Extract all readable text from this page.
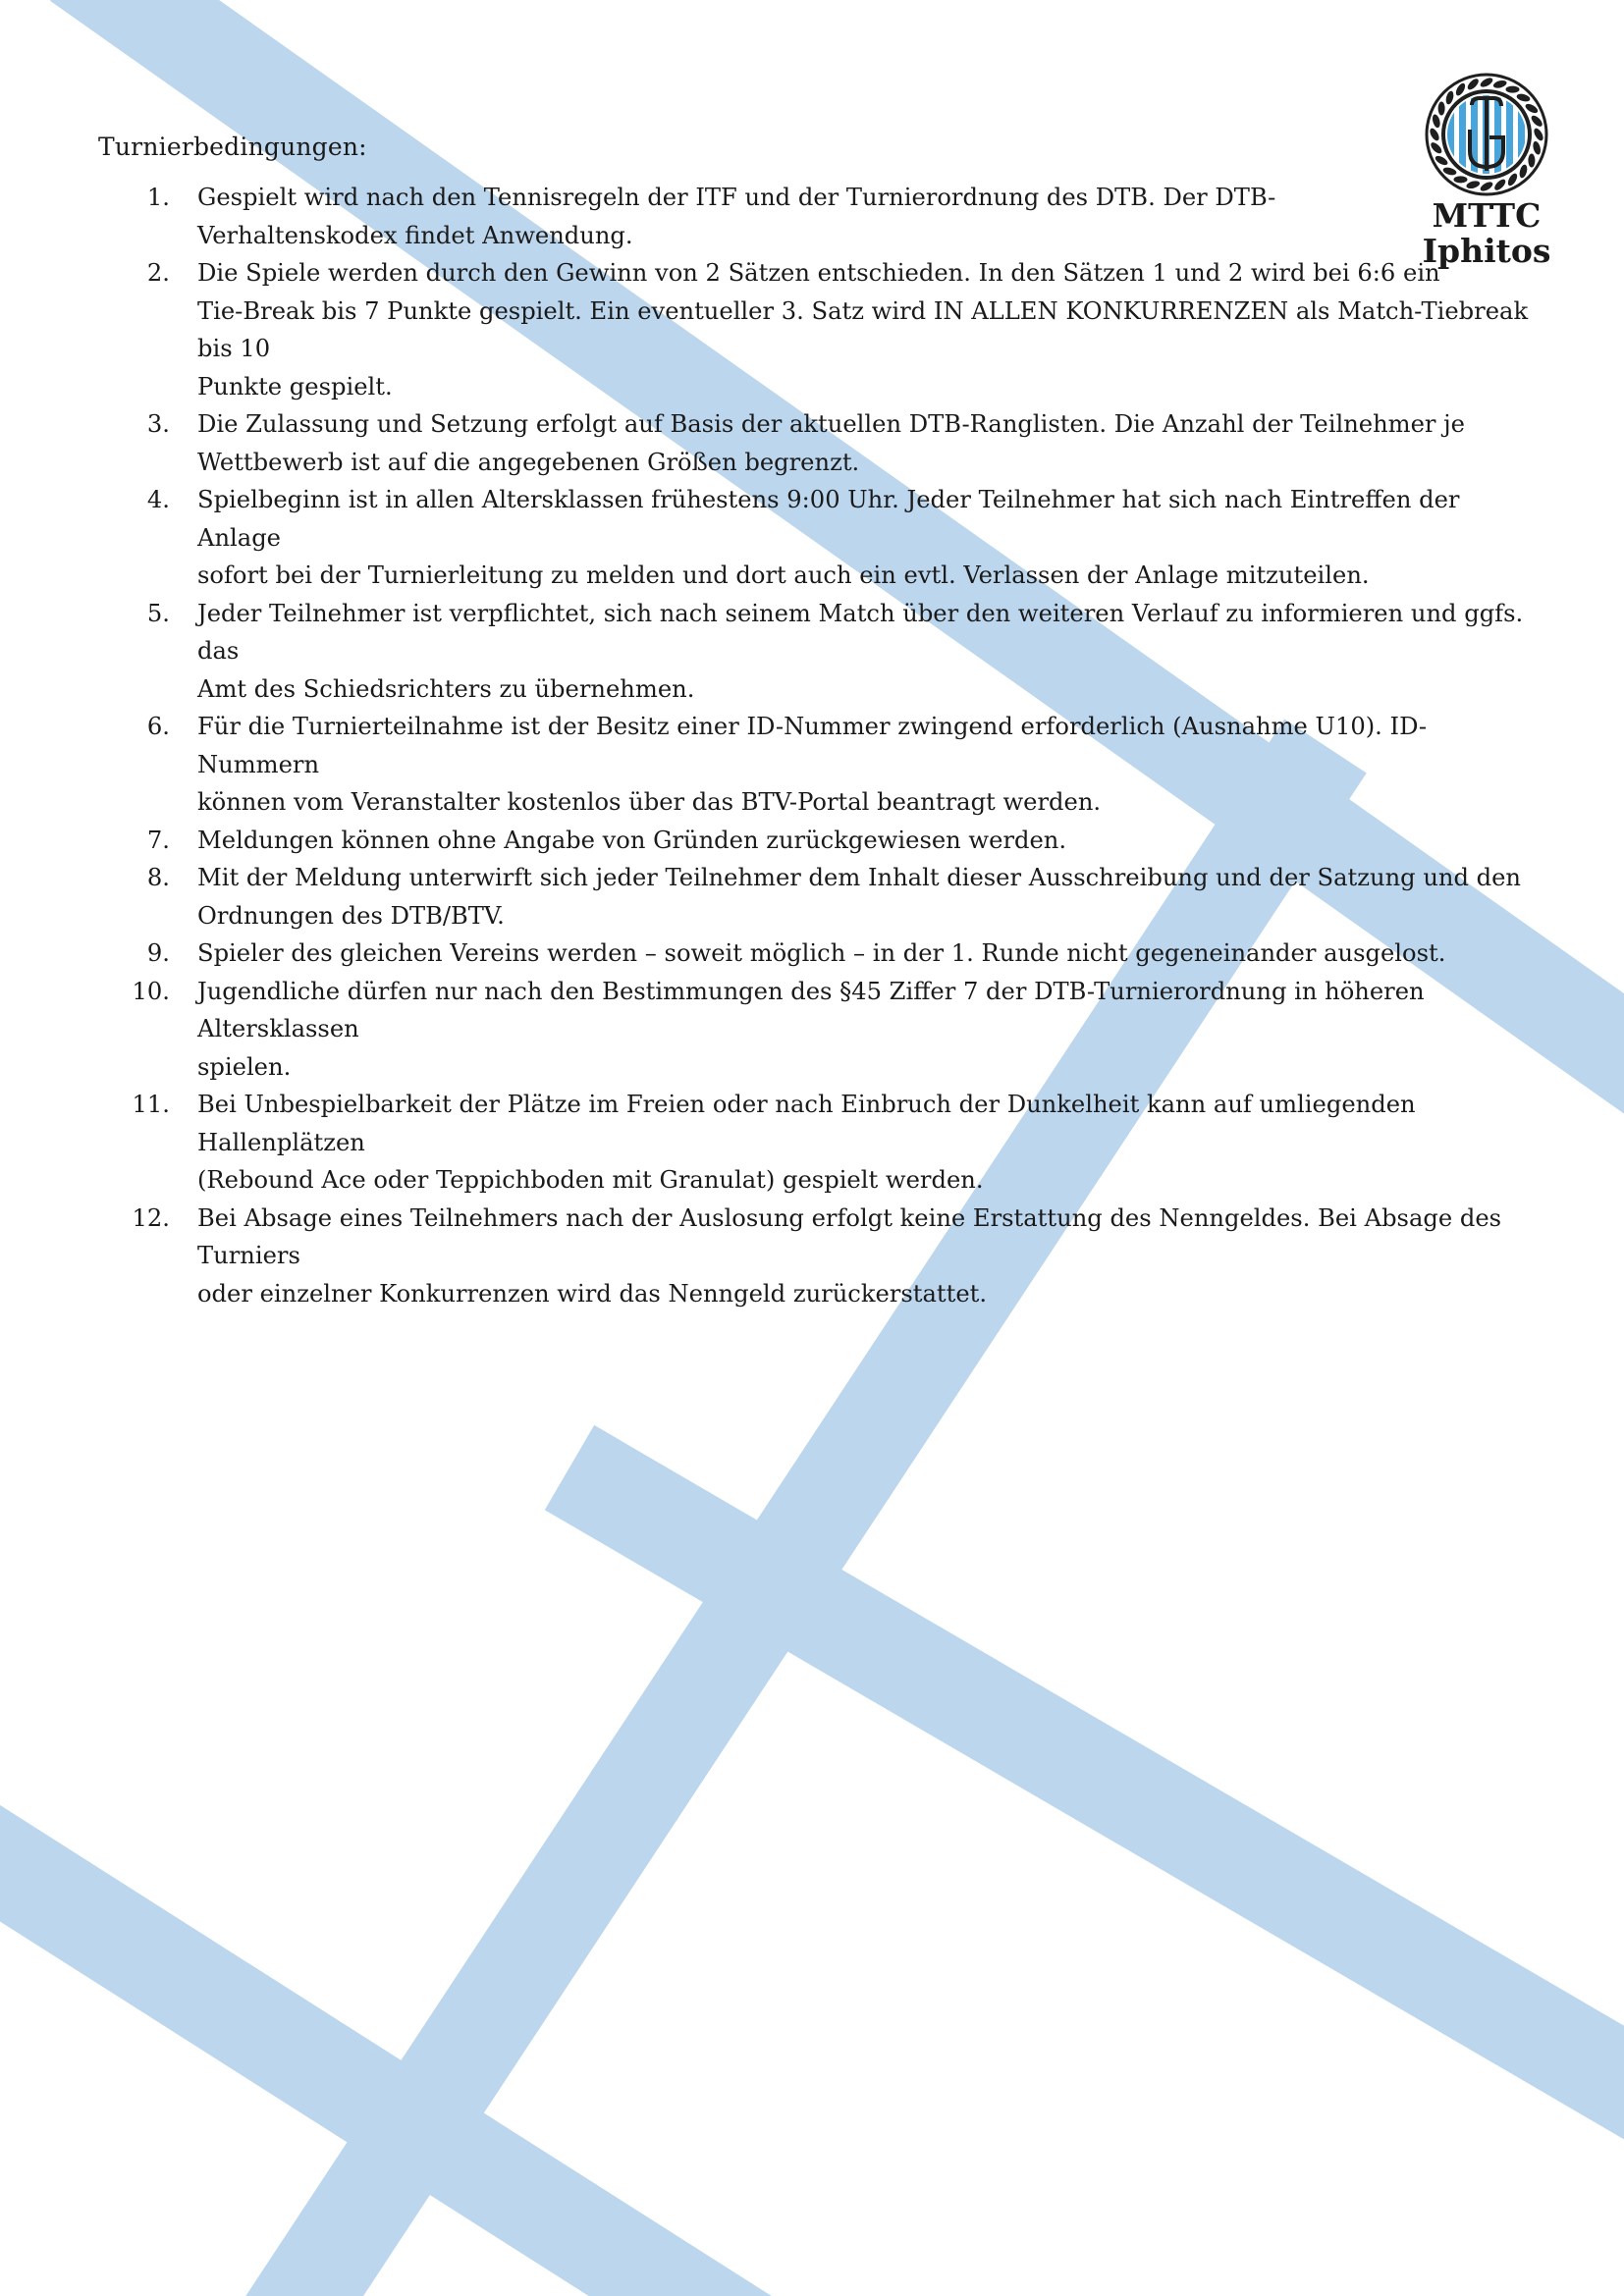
MTTC
Iphitos
Turnierbedingungen:
1. Gespielt wird nach den Tennisregeln der ITF und der Turnierordnung des DTB. Der DTB-
Verhaltenskodex findet Anwendung.
2. Die Spiele werden durch den Gewinn von 2 Sätzen entschieden. In den Sätzen 1 und 2 wird bei 6:6 ein
Tie-Break bis 7 Punkte gespielt. Ein eventueller 3. Satz wird IN ALLEN KONKURRENZEN als Match-Tiebreak bis 10
Punkte gespielt.
3. Die Zulassung und Setzung erfolgt auf Basis der aktuellen DTB-Ranglisten. Die Anzahl der Teilnehmer je
Wettbewerb ist auf die angegebenen Größen begrenzt.
4. Spielbeginn ist in allen Altersklassen frühestens 9:00 Uhr. Jeder Teilnehmer hat sich nach Eintreffen der Anlage
sofort bei der Turnierleitung zu melden und dort auch ein evtl. Verlassen der Anlage mitzuteilen.
5. Jeder Teilnehmer ist verpflichtet, sich nach seinem Match über den weiteren Verlauf zu informieren und ggfs. das
Amt des Schiedsrichters zu übernehmen.
6. Für die Turnierteilnahme ist der Besitz einer ID-Nummer zwingend erforderlich (Ausnahme U10). ID-Nummern
können vom Veranstalter kostenlos über das BTV-Portal beantragt werden.
7. Meldungen können ohne Angabe von Gründen zurückgewiesen werden.
8. Mit der Meldung unterwirft sich jeder Teilnehmer dem Inhalt dieser Ausschreibung und der Satzung und den
Ordnungen des DTB/BTV.
9. Spieler des gleichen Vereins werden – soweit möglich – in der 1. Runde nicht gegeneinander ausgelost.
10. Jugendliche dürfen nur nach den Bestimmungen des §45 Ziffer 7 der DTB-Turnierordnung in höheren Altersklassen
spielen.
11. Bei Unbespielbarkeit der Plätze im Freien oder nach Einbruch der Dunkelheit kann auf umliegenden Hallenplätzen
(Rebound Ace oder Teppichboden mit Granulat) gespielt werden.
12. Bei Absage eines Teilnehmers nach der Auslosung erfolgt keine Erstattung des Nenngeldes. Bei Absage des Turniers
oder einzelner Konkurrenzen wird das Nenngeld zurückerstattet.
